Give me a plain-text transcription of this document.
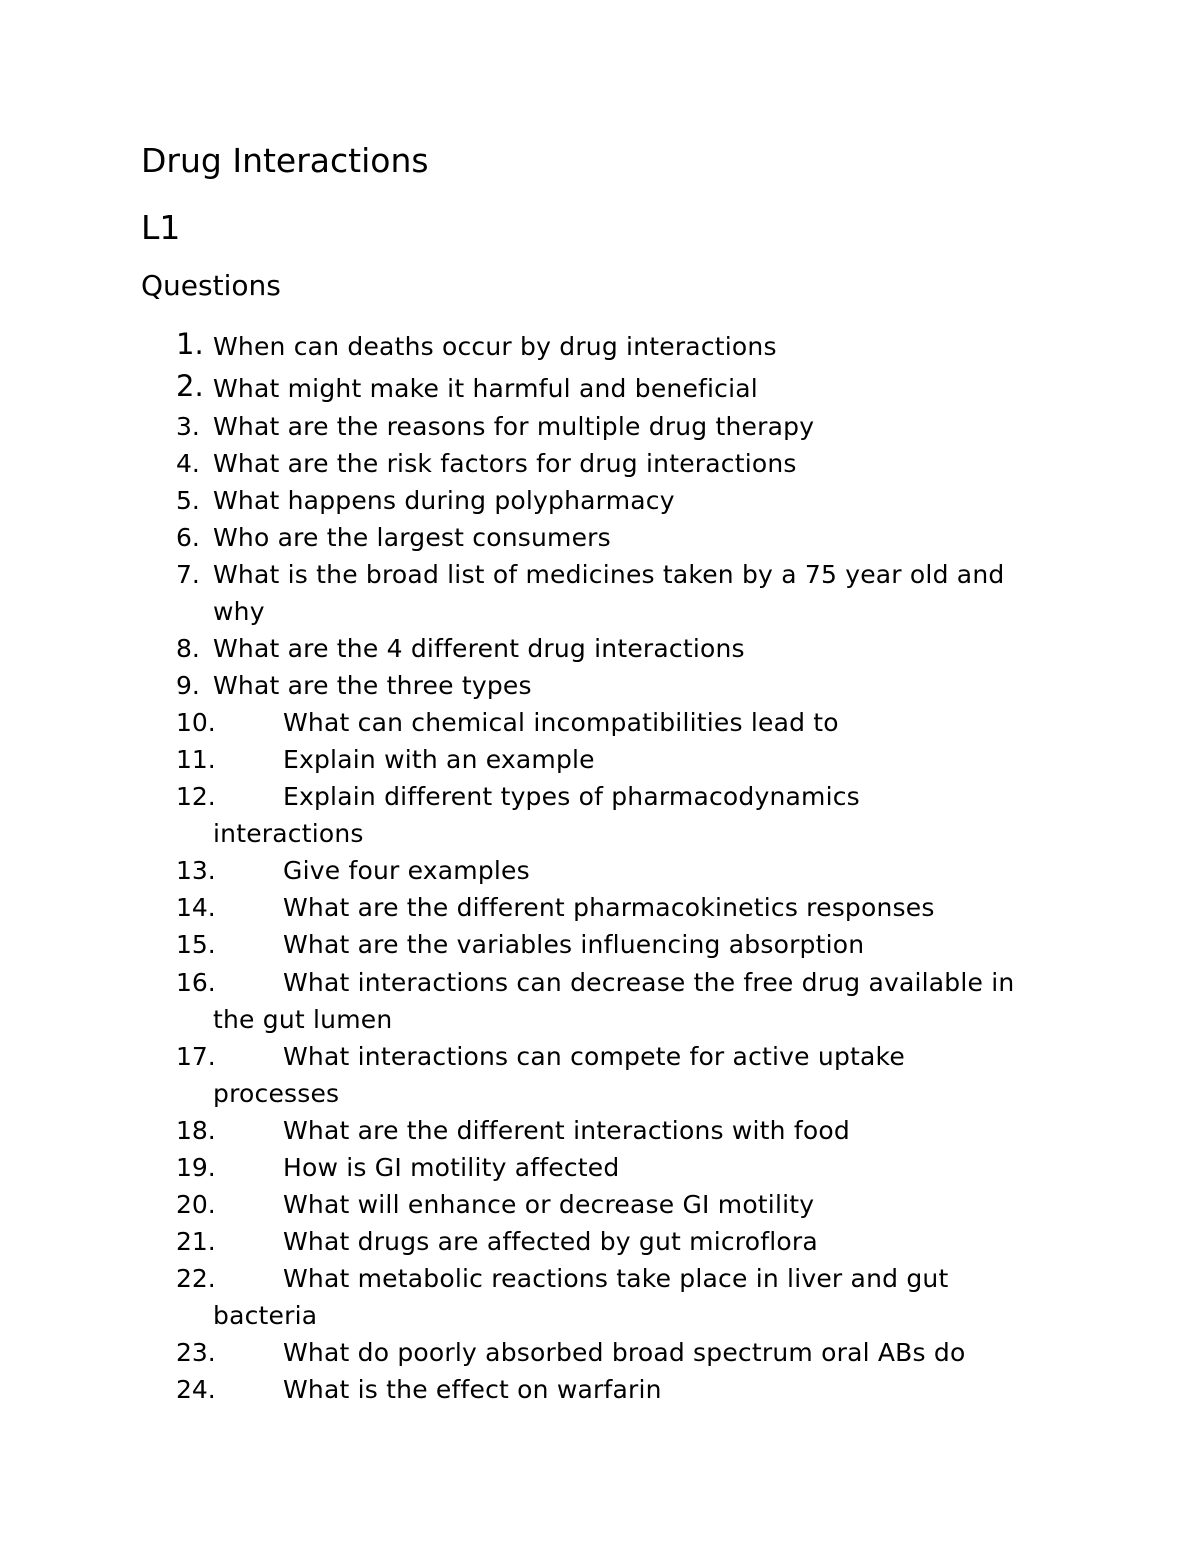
Drug Interactions
L1
Questions
1. When can deaths occur by drug interactions
2. What might make it harmful and beneficial
3. What are the reasons for multiple drug therapy
4. What are the risk factors for drug interactions
5. What happens during polypharmacy
6. Who are the largest consumers
7. What is the broad list of medicines taken by a 75 year old and why
8. What are the 4 different drug interactions
9. What are the three types
10.	What can chemical incompatibilities lead to
11.	Explain with an example
12.	Explain different types of pharmacodynamics interactions
13.	Give four examples
14.	What are the different pharmacokinetics responses
15.	What are the variables influencing absorption
16.	What interactions can decrease the free drug available in the gut lumen
17.	What interactions can compete for active uptake processes
18.	What are the different interactions with food
19.	How is GI motility affected
20.	What will enhance or decrease GI motility
21.	What drugs are affected by gut microflora
22.	What metabolic reactions take place in liver and gut bacteria
23.	What do poorly absorbed broad spectrum oral ABs do
24.	What is the effect on warfarin
